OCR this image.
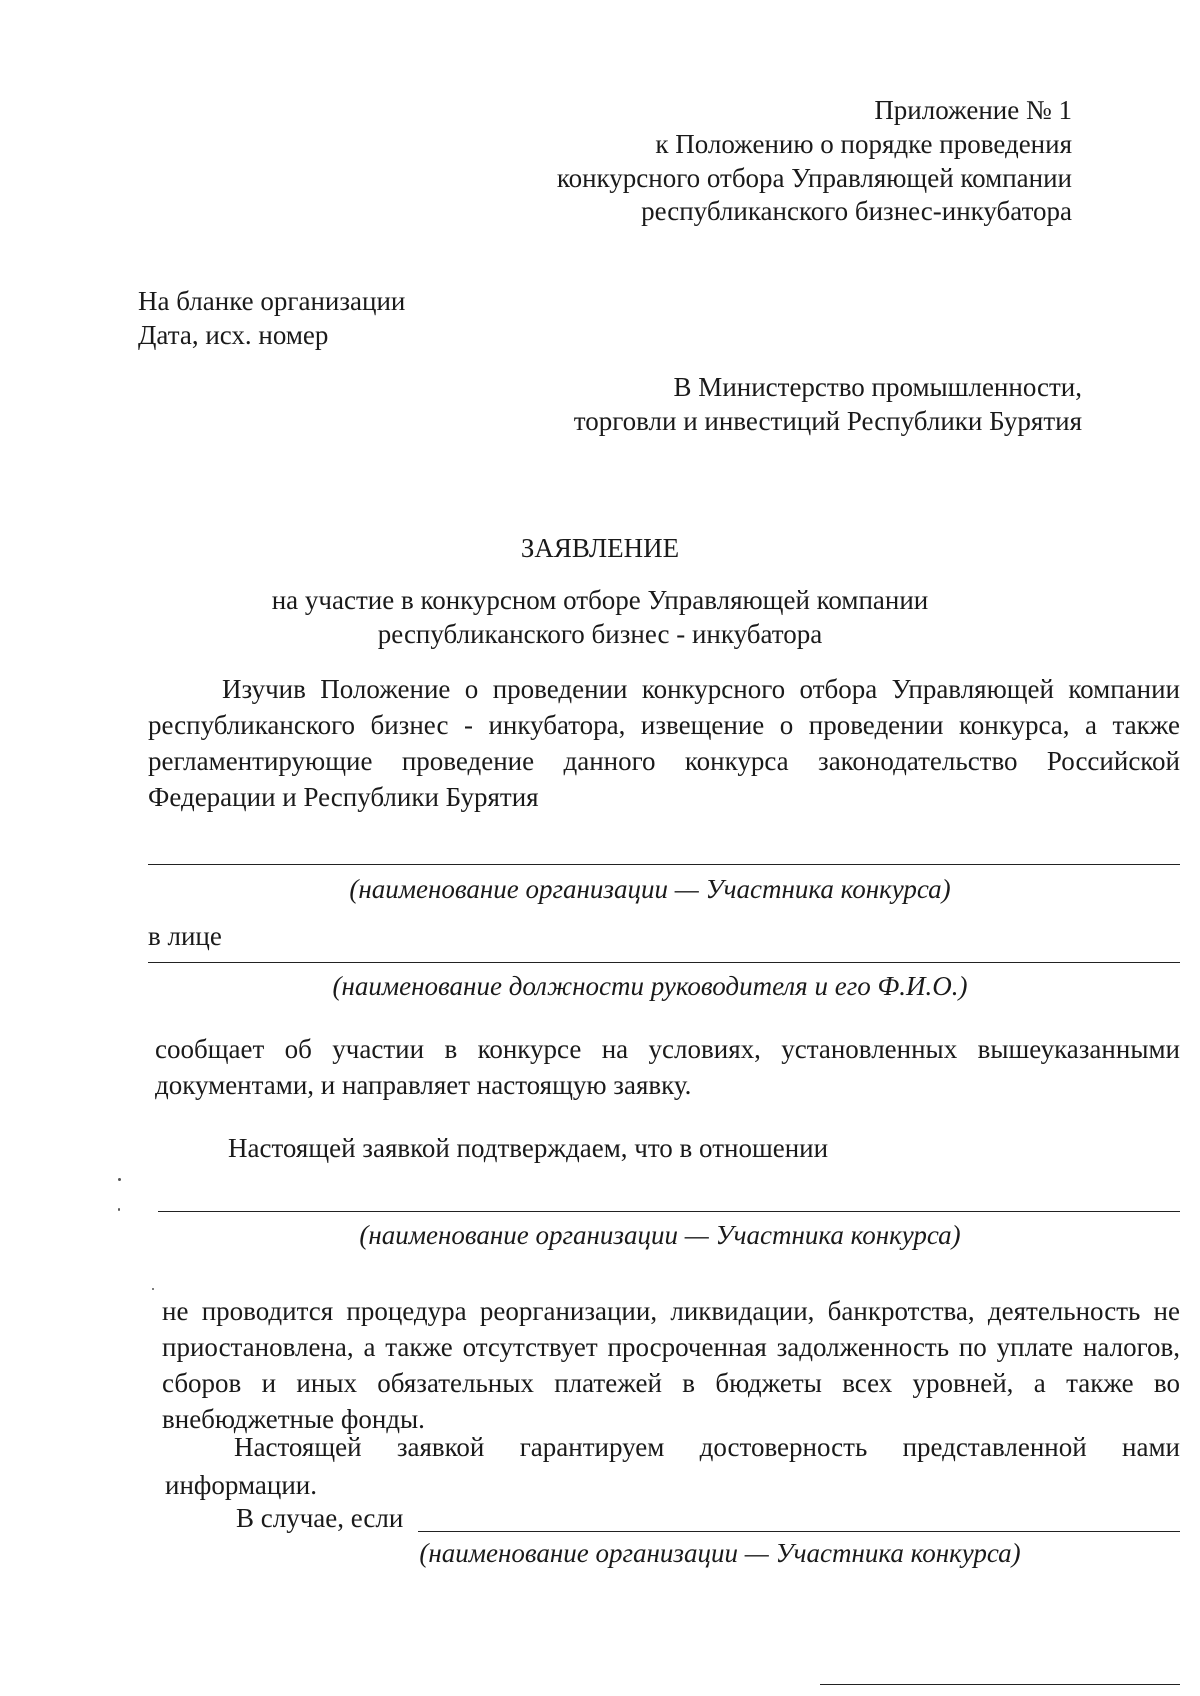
Приложение № 1
к Положению о порядке проведения
конкурсного отбора Управляющей компании
республиканского бизнес-инкубатора
На бланке организации
Дата, исх. номер
В Министерство промышленности,
торговли и инвестиций Республики Бурятия
ЗАЯВЛЕНИЕ
на участие в конкурсном отборе Управляющей компании
республиканского бизнес - инкубатора
Изучив Положение о проведении конкурсного отбора Управляющей компании
республиканского бизнес - инкубатора, извещение о проведении конкурса, а также
регламентирующие проведение данного конкурса законодательство Российской
Федерации и Республики Бурятия
(наименование организации — Участника конкурса)
в лице
(наименование должности руководителя и его Ф.И.О.)
сообщает об участии в конкурсе на условиях, установленных вышеуказанными
документами, и направляет настоящую заявку.
Настоящей заявкой подтверждаем, что в отношении
(наименование организации — Участника конкурса)
не проводится процедура реорганизации, ликвидации, банкротства, деятельность не
приостановлена, а также отсутствует просроченная задолженность по уплате налогов,
сборов и иных обязательных платежей в бюджеты всех уровней, а также во
внебюджетные фонды.
Настоящей заявкой гарантируем достоверность представленной нами
информации.
В случае, если
(наименование организации — Участника конкурса)
